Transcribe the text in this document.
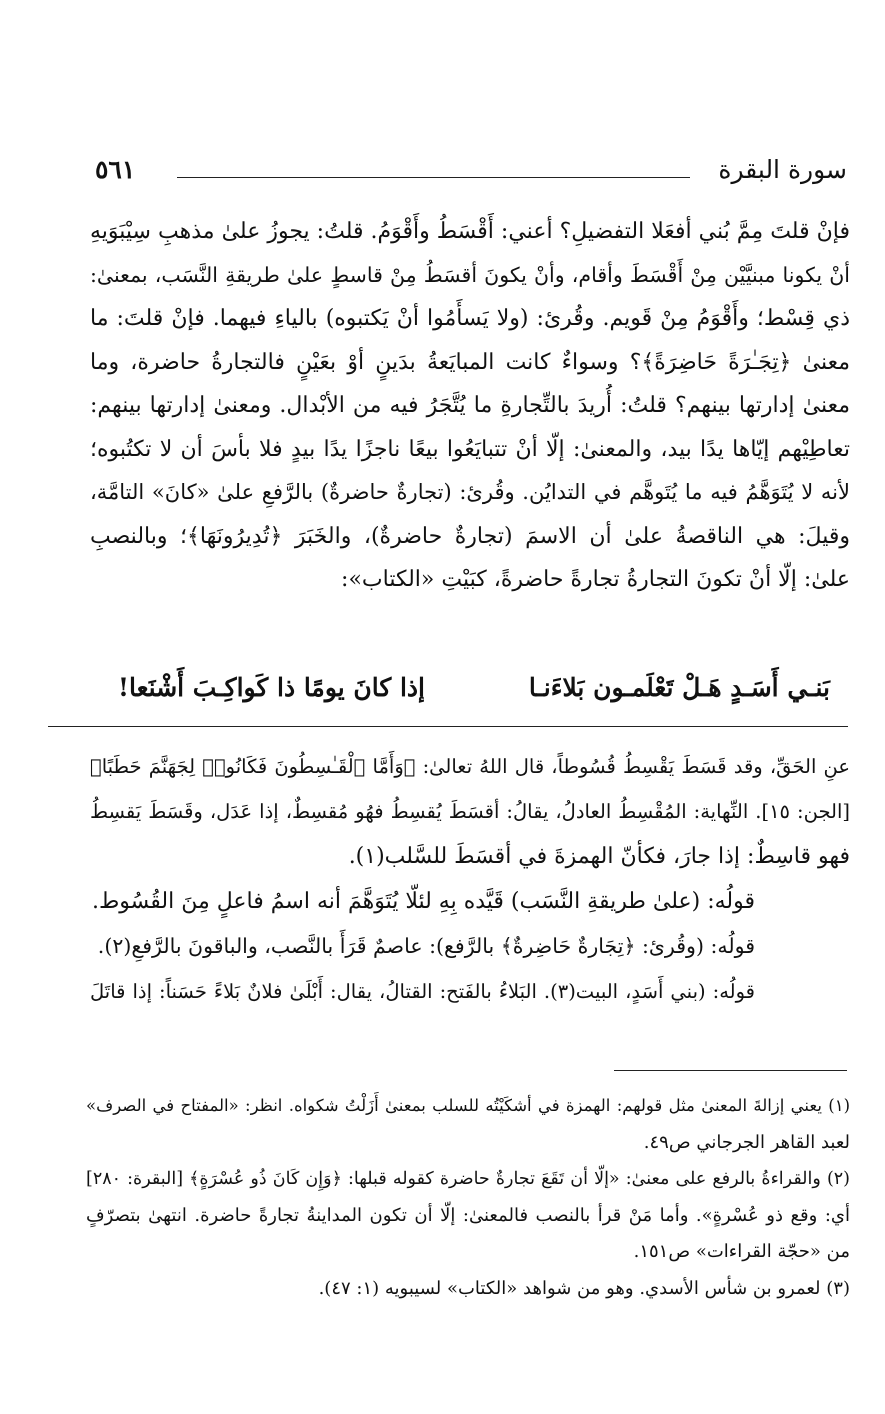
سورة البقرة
٥٦١
فإنْ قلتَ مِمَّ بُني أفعَلا التفضيلِ؟ أعني: أَقْسَطُ وأَقْوَمُ. قلتُ: يجوزُ علىٰ مذهبِ سِيْبَوَيهِ
أنْ يكونا مبنيَّيْن مِنْ أَقْسَطَ وأقام، وأنْ يكونَ أقسَطُ مِنْ قاسطٍ علىٰ طريقةِ النَّسَب، بمعنىٰ:
ذي قِسْط؛ وأَقْوَمُ مِنْ قَويم. وقُرئ: (ولا يَسأَمُوا أنْ يَكتبوه) بالياءِ فيهما. فإنْ قلتَ: ما
معنىٰ ﴿تِجَـٰرَةً حَاضِرَةً﴾؟ وسواءٌ كانت المبايَعةُ بدَينٍ أوْ بعَيْنٍ فالتجارةُ حاضرة، وما
معنىٰ إدارتها بينهم؟ قلتُ: أُريدَ بالتِّجارةِ ما يُتَّجَرُ فيه من الأبْدال. ومعنىٰ إدارتها بينهم:
تعاطِيْهم إيّاها يدًا بيد، والمعنىٰ: إلّا أنْ تتبايَعُوا بيعًا ناجزًا يدًا بيدٍ فلا بأسَ أن لا تكتُبوه؛
لأنه لا يُتَوَهَّمُ فيه ما يُتَوهَّم في التدايُن. وقُرئ: (تجارةٌ حاضرةٌ) بالرَّفعِ علىٰ «كانَ» التامَّة،
وقيلَ: هي الناقصةُ علىٰ أن الاسمَ (تجارةٌ حاضرةٌ)، والخَبَرَ ﴿تُدِيرُونَهَا﴾؛ وبالنصبِ
علىٰ: إلّا أنْ تكونَ التجارةُ تجارةً حاضرةً، كبَيْتِ «الكتاب»:
بَنـي أَسَـدٍ هَـلْ تَعْلَمـون بَلاءَنـا
إذا كانَ يومًا ذا كَواكِـبَ أَشْنَعا!
عنِ الحَقِّ، وقد قَسَطَ يَقْسِطُ قُسُوطاً، قال اللهُ تعالىٰ: ﴿وَأَمَّا ٱلْقَـٰسِطُونَ فَكَانُوا۟ لِجَهَنَّمَ حَطَبًا﴾
[الجن: ١٥]. النِّهاية: المُقْسِطُ العادلُ، يقالُ: أقسَطَ يُقسِطُ فهُو مُقسِطٌ، إذا عَدَل، وقَسَطَ يَقسِطُ
فهو قاسِطٌ: إذا جارَ، فكأنّ الهمزةَ في أقسَطَ للسَّلب(١).
قولُه: (علىٰ طريقةِ النَّسَب) قَيَّده بِهِ لئلّا يُتَوَهَّمَ أنه اسمُ فاعلٍ مِنَ القُسُوط.
قولُه: (وقُرئ: ﴿تِجَارةٌ حَاضِرةٌ﴾ بالرَّفع): عاصمٌ قَرَأَ بالنَّصب، والباقونَ بالرَّفعِ(٢).
قولُه: (بني أَسَدٍ، البيت(٣). البَلاءُ بالفَتح: القتالُ، يقال: أَبْلَىٰ فلانٌ بَلاءً حَسَناً: إذا قاتَلَ
(١) يعني إزالةَ المعنىٰ مثل قولهم: الهمزة في أشكَيْتُه للسلب بمعنىٰ أَزَلْتُ شكواه. انظر: «المفتاح في الصرف»
لعبد القاهر الجرجاني ص٤٩.
(٢) والقراءةُ بالرفع على معنىٰ: «إلّا أن تَقَعَ تجارةٌ حاضرة كقوله قبلها: ﴿وَإِن كَانَ ذُو عُسْرَةٍ﴾ [البقرة: ٢٨٠]
أي: وقع ذو عُسْرةٍ». وأما مَنْ قرأ بالنصب فالمعنىٰ: إلّا أن تكون المداينةُ تجارةً حاضرة. انتهىٰ بتصرّفٍ
من «حجّة القراءات» ص١٥١.
(٣) لعمرو بن شأس الأسدي. وهو من شواهد «الكتاب» لسيبويه (١: ٤٧).
